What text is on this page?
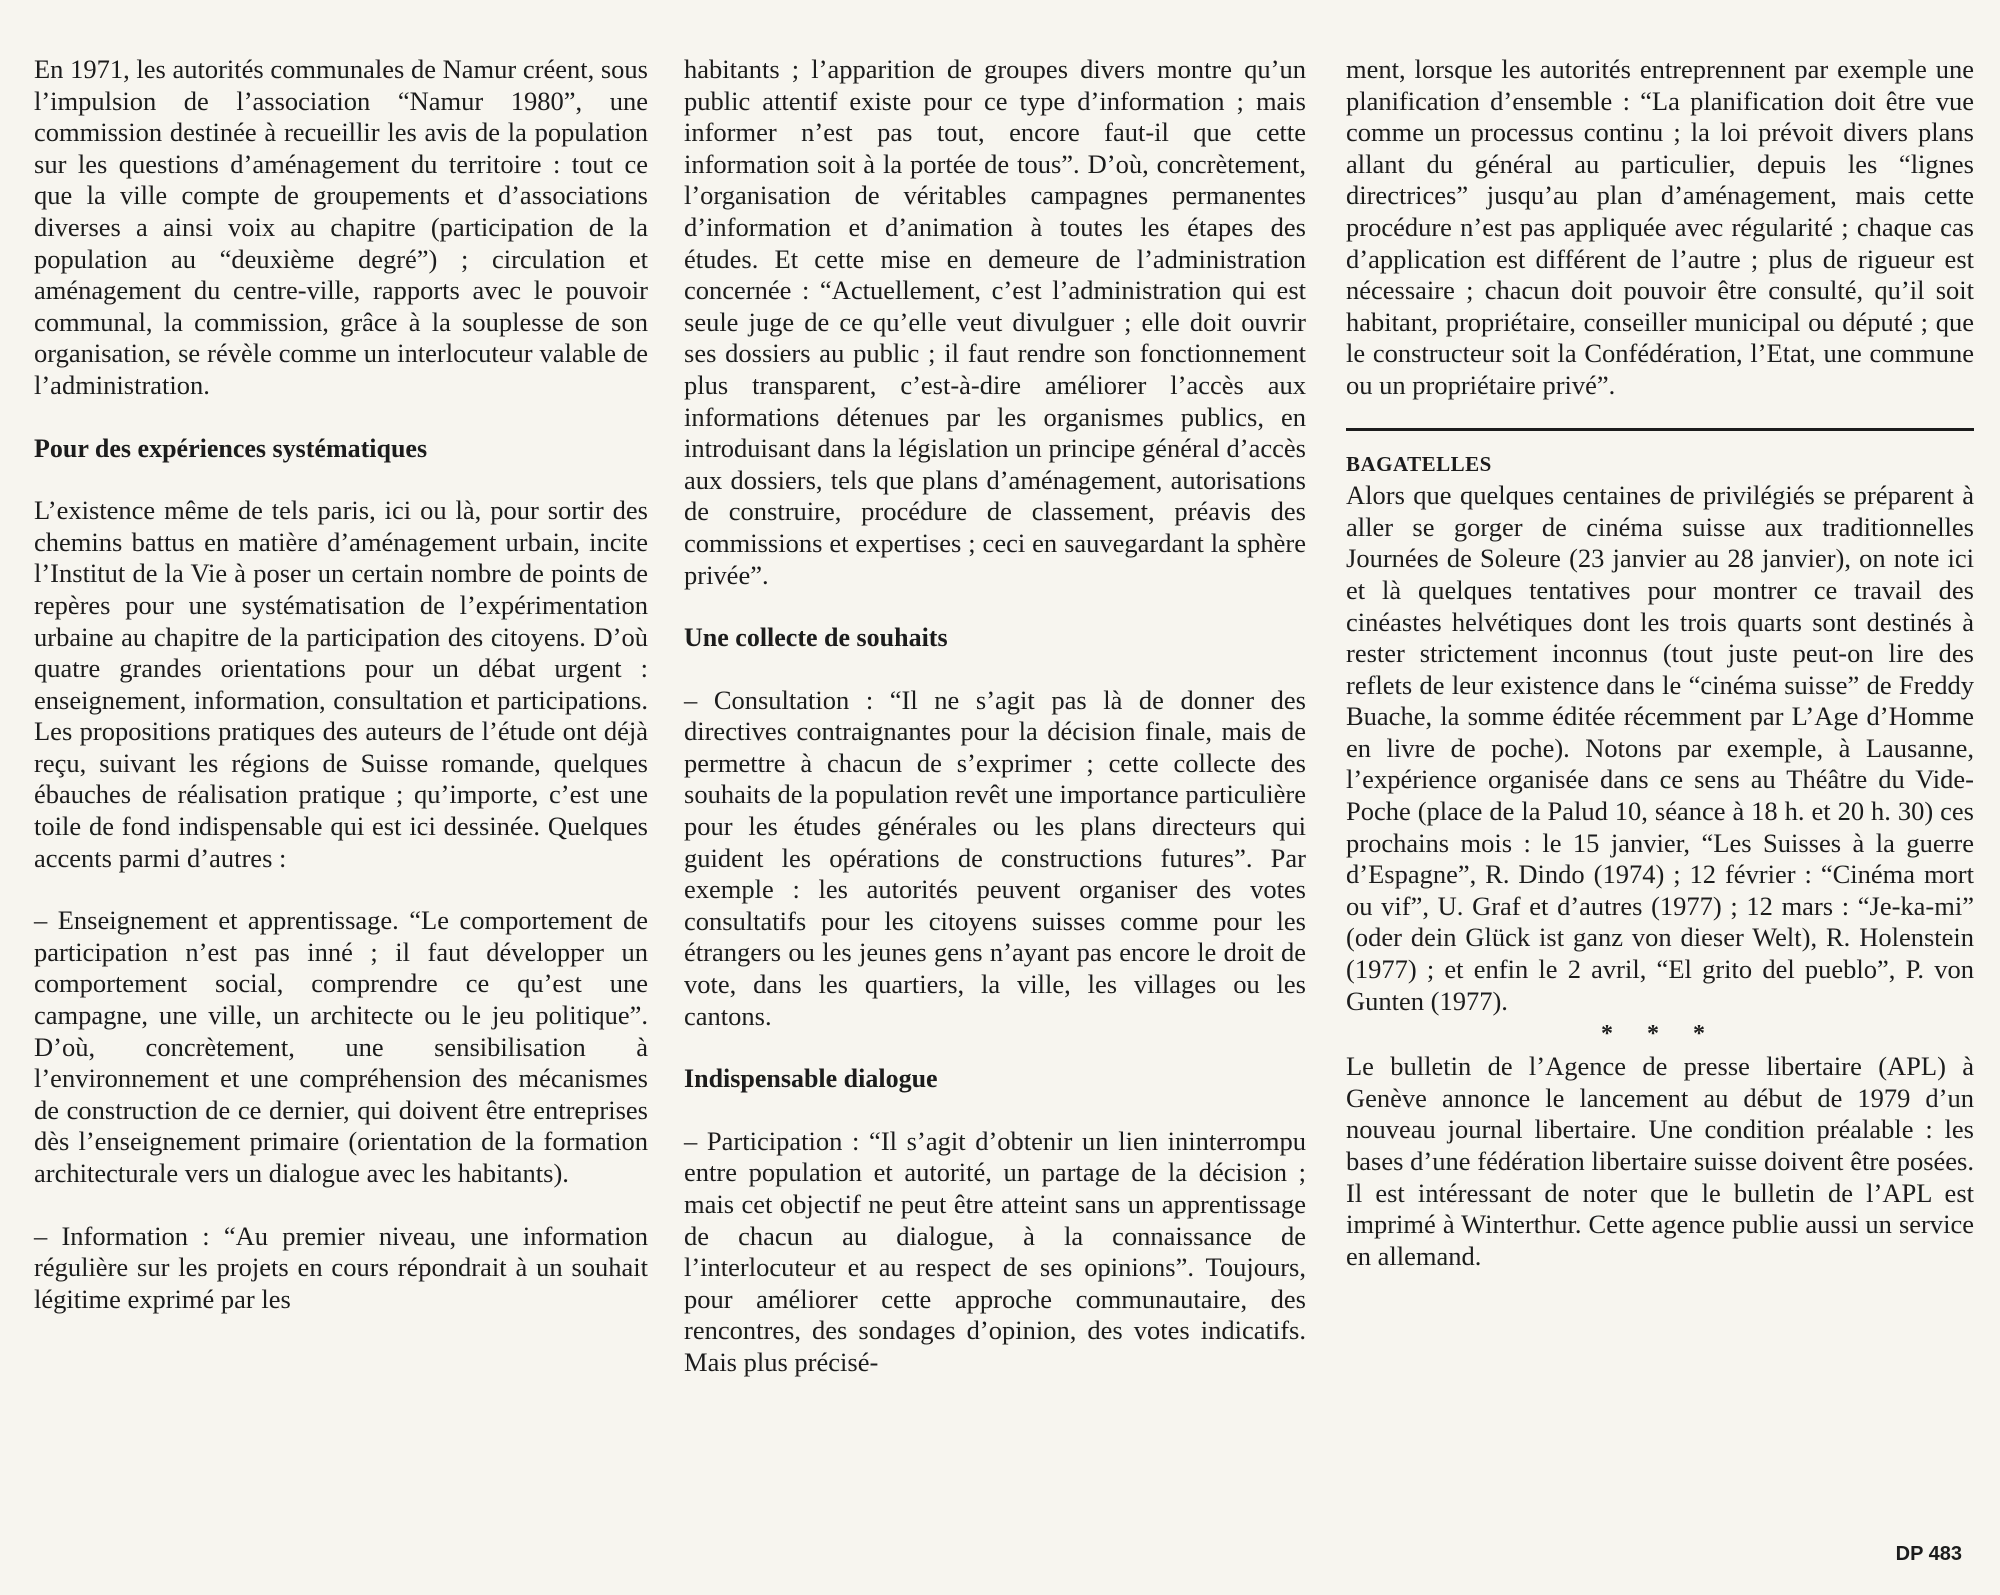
En 1971, les autorités communales de Namur créent, sous l’impulsion de l’association “Namur 1980”, une commission destinée à recueillir les avis de la population sur les questions d’aménagement du territoire : tout ce que la ville compte de groupements et d’associations diverses a ainsi voix au chapitre (participation de la population au “deuxième degré”) ; circulation et aménagement du centre-ville, rapports avec le pouvoir communal, la commission, grâce à la souplesse de son organisation, se révèle comme un interlocuteur valable de l’administration.

Pour des expériences systématiques

L’existence même de tels paris, ici ou là, pour sortir des chemins battus en matière d’aménagement urbain, incite l’Institut de la Vie à poser un certain nombre de points de repères pour une systématisation de l’expérimentation urbaine au chapitre de la participation des citoyens. D’où quatre grandes orientations pour un débat urgent : enseignement, information, consultation et participations. Les propositions pratiques des auteurs de l’étude ont déjà reçu, suivant les régions de Suisse romande, quelques ébauches de réalisation pratique ; qu’importe, c’est une toile de fond indispensable qui est ici dessinée. Quelques accents parmi d’autres :

– Enseignement et apprentissage. “Le comportement de participation n’est pas inné ; il faut développer un comportement social, comprendre ce qu’est une campagne, une ville, un architecte ou le jeu politique”. D’où, concrètement, une sensibilisation à l’environnement et une compréhension des mécanismes de construction de ce dernier, qui doivent être entreprises dès l’enseignement primaire (orientation de la formation architecturale vers un dialogue avec les habitants).

– Information : “Au premier niveau, une information régulière sur les projets en cours répondrait à un souhait légitime exprimé par les

habitants ; l’apparition de groupes divers montre qu’un public attentif existe pour ce type d’information ; mais informer n’est pas tout, encore faut-il que cette information soit à la portée de tous”. D’où, concrètement, l’organisation de véritables campagnes permanentes d’information et d’animation à toutes les étapes des études. Et cette mise en demeure de l’administration concernée : “Actuellement, c’est l’administration qui est seule juge de ce qu’elle veut divulguer ; elle doit ouvrir ses dossiers au public ; il faut rendre son fonctionnement plus transparent, c’est-à-dire améliorer l’accès aux informations détenues par les organismes publics, en introduisant dans la législation un principe général d’accès aux dossiers, tels que plans d’aménagement, autorisations de construire, procédure de classement, préavis des commissions et expertises ; ceci en sauvegardant la sphère privée”.

Une collecte de souhaits

– Consultation : “Il ne s’agit pas là de donner des directives contraignantes pour la décision finale, mais de permettre à chacun de s’exprimer ; cette collecte des souhaits de la population revêt une importance particulière pour les études générales ou les plans directeurs qui guident les opérations de constructions futures”. Par exemple : les autorités peuvent organiser des votes consultatifs pour les citoyens suisses comme pour les étrangers ou les jeunes gens n’ayant pas encore le droit de vote, dans les quartiers, la ville, les villages ou les cantons.

Indispensable dialogue

– Participation : “Il s’agit d’obtenir un lien ininterrompu entre population et autorité, un partage de la décision ; mais cet objectif ne peut être atteint sans un apprentissage de chacun au dialogue, à la connaissance de l’interlocuteur et au respect de ses opinions”. Toujours, pour améliorer cette approche communautaire, des rencontres, des sondages d’opinion, des votes indicatifs. Mais plus précisé-

ment, lorsque les autorités entreprennent par exemple une planification d’ensemble : “La planification doit être vue comme un processus continu ; la loi prévoit divers plans allant du général au particulier, depuis les “lignes directrices” jusqu’au plan d’aménagement, mais cette procédure n’est pas appliquée avec régularité ; chaque cas d’application est différent de l’autre ; plus de rigueur est nécessaire ; chacun doit pouvoir être consulté, qu’il soit habitant, propriétaire, conseiller municipal ou député ; que le constructeur soit la Confédération, l’Etat, une commune ou un propriétaire privé”.

BAGATELLES

Alors que quelques centaines de privilégiés se préparent à aller se gorger de cinéma suisse aux traditionnelles Journées de Soleure (23 janvier au 28 janvier), on note ici et là quelques tentatives pour montrer ce travail des cinéastes helvétiques dont les trois quarts sont destinés à rester strictement inconnus (tout juste peut-on lire des reflets de leur existence dans le “cinéma suisse” de Freddy Buache, la somme éditée récemment par L’Age d’Homme en livre de poche). Notons par exemple, à Lausanne, l’expérience organisée dans ce sens au Théâtre du Vide-Poche (place de la Palud 10, séance à 18 h. et 20 h. 30) ces prochains mois : le 15 janvier, “Les Suisses à la guerre d’Espagne”, R. Dindo (1974) ; 12 février : “Cinéma mort ou vif”, U. Graf et d’autres (1977) ; 12 mars : “Je-ka-mi” (oder dein Glück ist ganz von dieser Welt), R. Holenstein (1977) ; et enfin le 2 avril, “El grito del pueblo”, P. von Gunten (1977).

* * *

Le bulletin de l’Agence de presse libertaire (APL) à Genève annonce le lancement au début de 1979 d’un nouveau journal libertaire. Une condition préalable : les bases d’une fédération libertaire suisse doivent être posées. Il est intéressant de noter que le bulletin de l’APL est imprimé à Winterthur. Cette agence publie aussi un service en allemand.

DP 483
